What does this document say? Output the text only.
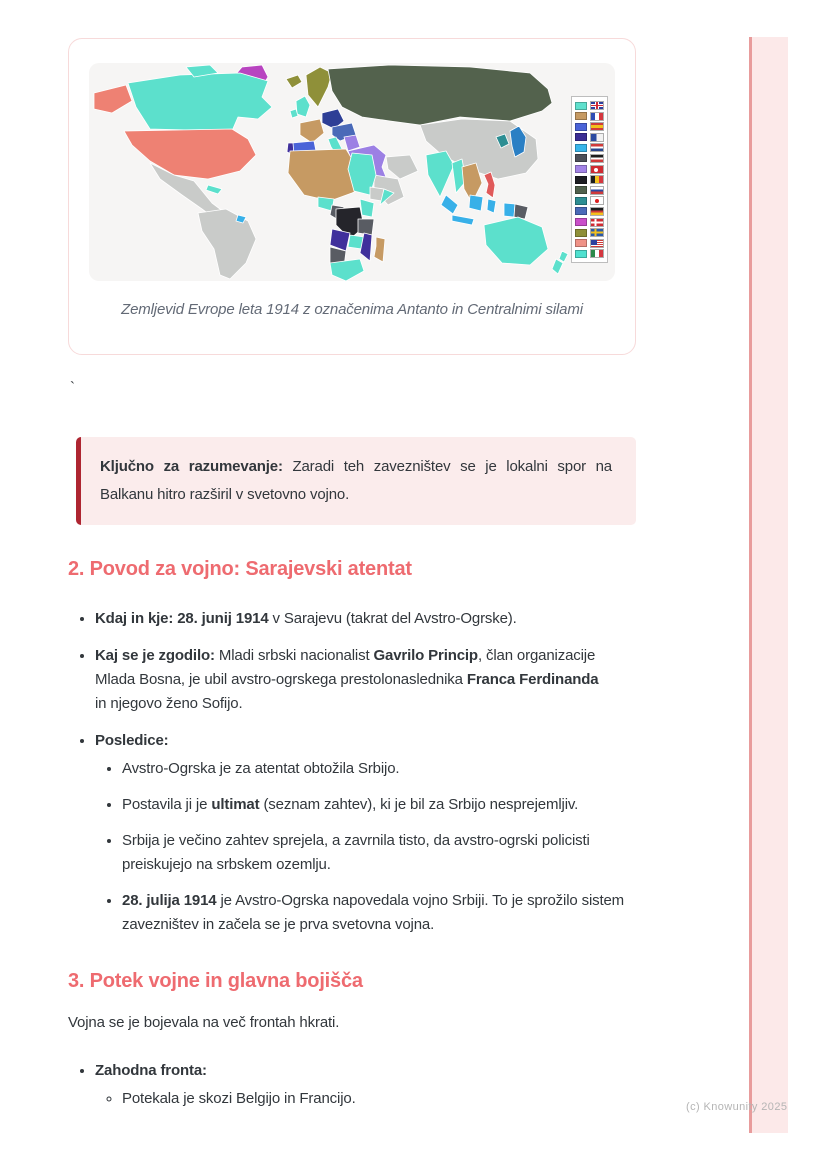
Zemljevid Evrope leta 1914 z označenima Antanto in Centralnimi silami

`

Ključno za razumevanje: Zaradi teh zavezništev se je lokalni spor na Balkanu hitro razširil v svetovno vojno.
2. Povod za vojno: Sarajevski atentat
• Kdaj in kje: 28. junij 1914 v Sarajevu (takrat del Avstro-Ogrske).
• Kaj se je zgodilo: Mladi srbski nacionalist Gavrilo Princip, član organizacije Mlada Bosna, je ubil avstro-ogrskega prestolonaslednika Franca Ferdinanda in njegovo ženo Sofijo.
• Posledice:
• Avstro-Ogrska je za atentat obtožila Srbijo.
• Postavila ji je ultimat (seznam zahtev), ki je bil za Srbijo nesprejemljiv.
• Srbija je večino zahtev sprejela, a zavrnila tisto, da avstro-ogrski policisti preiskujejo na srbskem ozemlju.
• 28. julija 1914 je Avstro-Ogrska napovedala vojno Srbiji. To je sprožilo sistem zavezništev in začela se je prva svetovna vojna.
3. Potek vojne in glavna bojišča

Vojna se je bojevala na več frontah hkrati.

• Zahodna fronta:
◦ Potekala je skozi Belgijo in Francijo.
(c) Knowunity 2025
